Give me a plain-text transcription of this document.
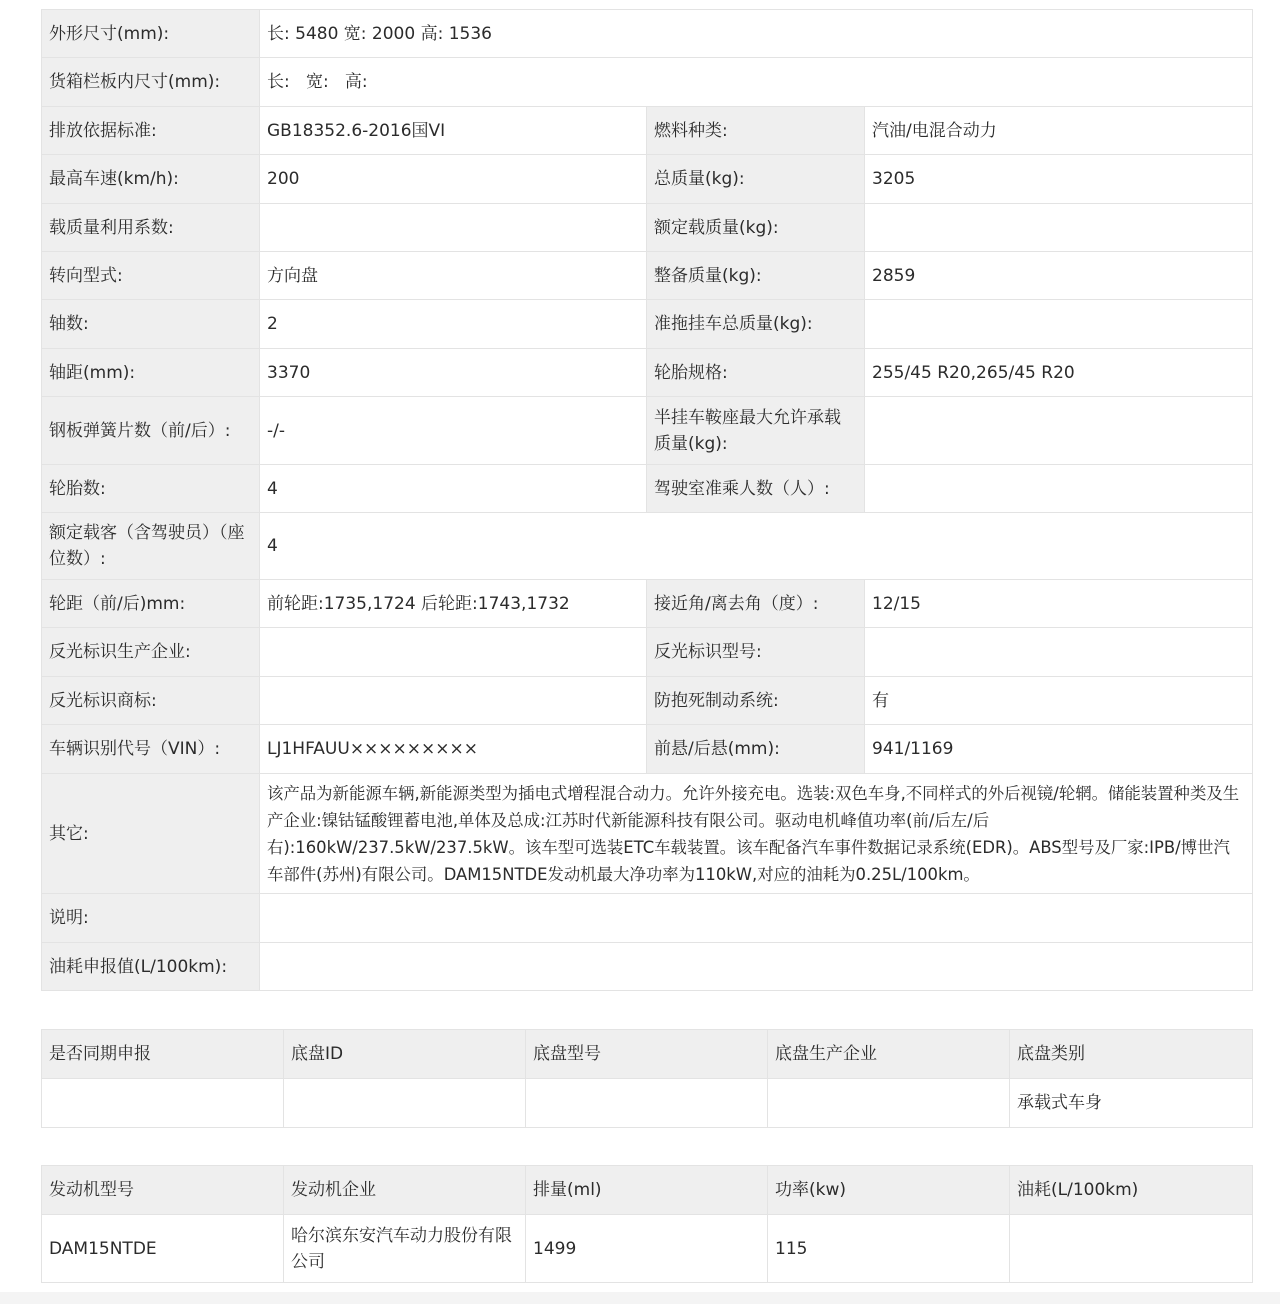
外形尺寸(mm):	长: 5480 宽: 2000 高: 1536		
货箱栏板内尺寸(mm):	长:   宽:   高:		
排放依据标准:	GB18352.6-2016国VI	燃料种类:	汽油/电混合动力
最高车速(km/h):	200	总质量(kg):	3205
载质量利用系数:		额定载质量(kg):	
转向型式:	方向盘	整备质量(kg):	2859
轴数:	2	准拖挂车总质量(kg):	
轴距(mm):	3370	轮胎规格:	255/45 R20,265/45 R20
钢板弹簧片数（前/后）:	-/-	半挂车鞍座最大允许承载质量(kg):	
轮胎数:	4	驾驶室准乘人数（人）:	
额定载客（含驾驶员）（座位数）:	4		
轮距（前/后)mm:	前轮距:1735,1724 后轮距:1743,1732	接近角/离去角（度）:	12/15
反光标识生产企业:		反光标识型号:	
反光标识商标:		防抱死制动系统:	有
车辆识别代号（VIN）:	LJ1HFAUU×××××××××	前悬/后悬(mm):	941/1169
其它:	该产品为新能源车辆,新能源类型为插电式增程混合动力。允许外接充电。选装:双色车身,不同样式的外后视镜/轮辋。储能装置种类及生产企业:镍钴锰酸锂蓄电池,单体及总成:江苏时代新能源科技有限公司。驱动电机峰值功率(前/后左/后右):160kW/237.5kW/237.5kW。该车型可选装ETC车载装置。该车配备汽车事件数据记录系统(EDR)。ABS型号及厂家:IPB/博世汽车部件(苏州)有限公司。DAM15NTDE发动机最大净功率为110kW,对应的油耗为0.25L/100km。		
说明:			
油耗申报值(L/100km):			
是否同期申报	底盘ID	底盘型号	底盘生产企业	底盘类别
				承载式车身
发动机型号	发动机企业	排量(ml)	功率(kw)	油耗(L/100km)
DAM15NTDE	哈尔滨东安汽车动力股份有限公司	1499	115	
